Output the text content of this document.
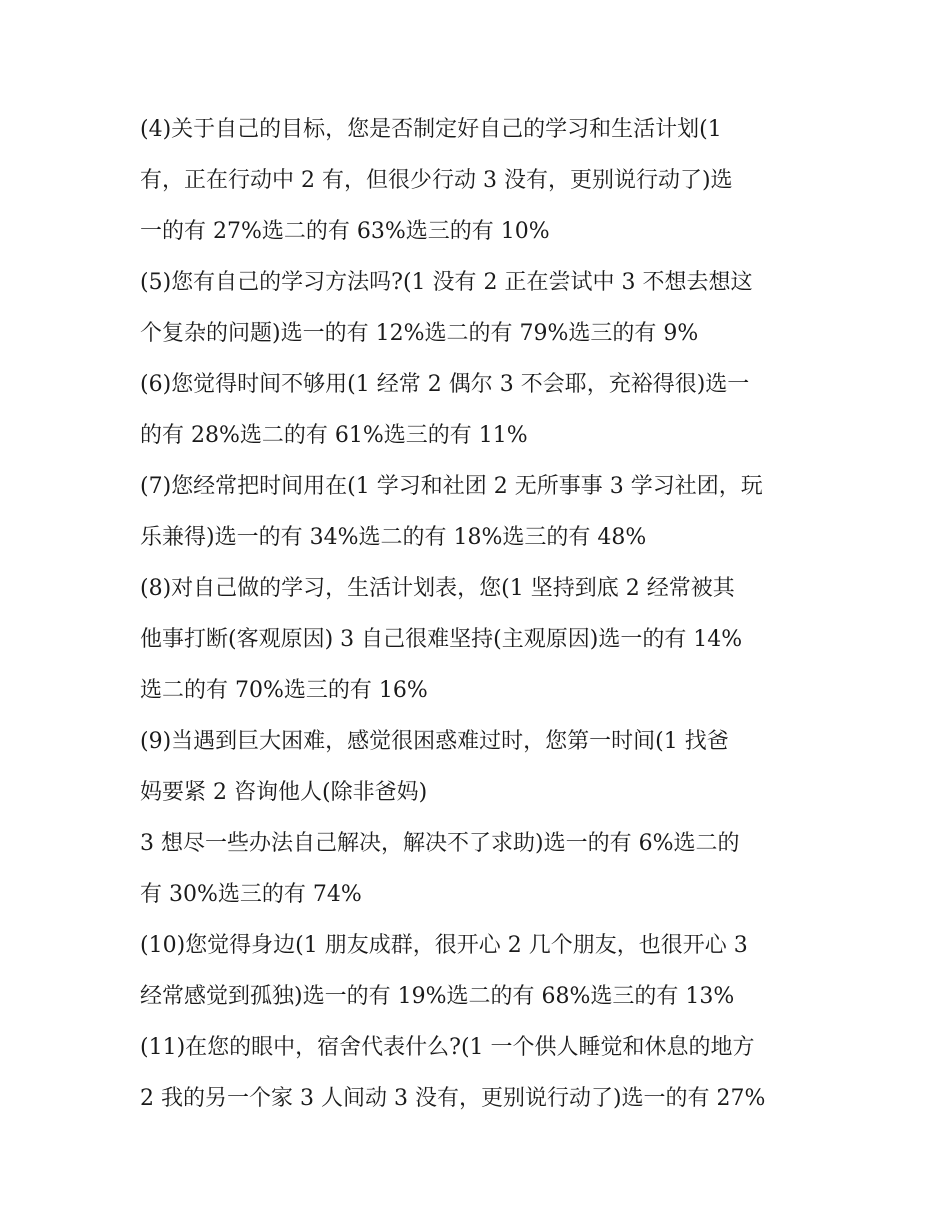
(4)关于自己的目标，您是否制定好自己的学习和生活计划(1
有，正在行动中 2 有，但很少行动 3 没有，更别说行动了)选
一的有 27%选二的有 63%选三的有 10%
(5)您有自己的学习方法吗?(1 没有 2 正在尝试中 3 不想去想这
个复杂的问题)选一的有 12%选二的有 79%选三的有 9%
(6)您觉得时间不够用(1 经常 2 偶尔 3 不会耶，充裕得很)选一
的有 28%选二的有 61%选三的有 11%
(7)您经常把时间用在(1 学习和社团 2 无所事事 3 学习社团，玩
乐兼得)选一的有 34%选二的有 18%选三的有 48%
(8)对自己做的学习，生活计划表，您(1 坚持到底 2 经常被其
他事打断(客观原因) 3 自己很难坚持(主观原因)选一的有 14%
选二的有 70%选三的有 16%
(9)当遇到巨大困难，感觉很困惑难过时，您第一时间(1 找爸
妈要紧 2 咨询他人(除非爸妈)
3 想尽一些办法自己解决，解决不了求助)选一的有 6%选二的
有 30%选三的有 74%
(10)您觉得身边(1 朋友成群，很开心 2 几个朋友，也很开心 3
经常感觉到孤独)选一的有 19%选二的有 68%选三的有 13%
(11)在您的眼中，宿舍代表什么?(1 一个供人睡觉和休息的地方
2 我的另一个家 3 人间动 3 没有，更别说行动了)选一的有 27%
